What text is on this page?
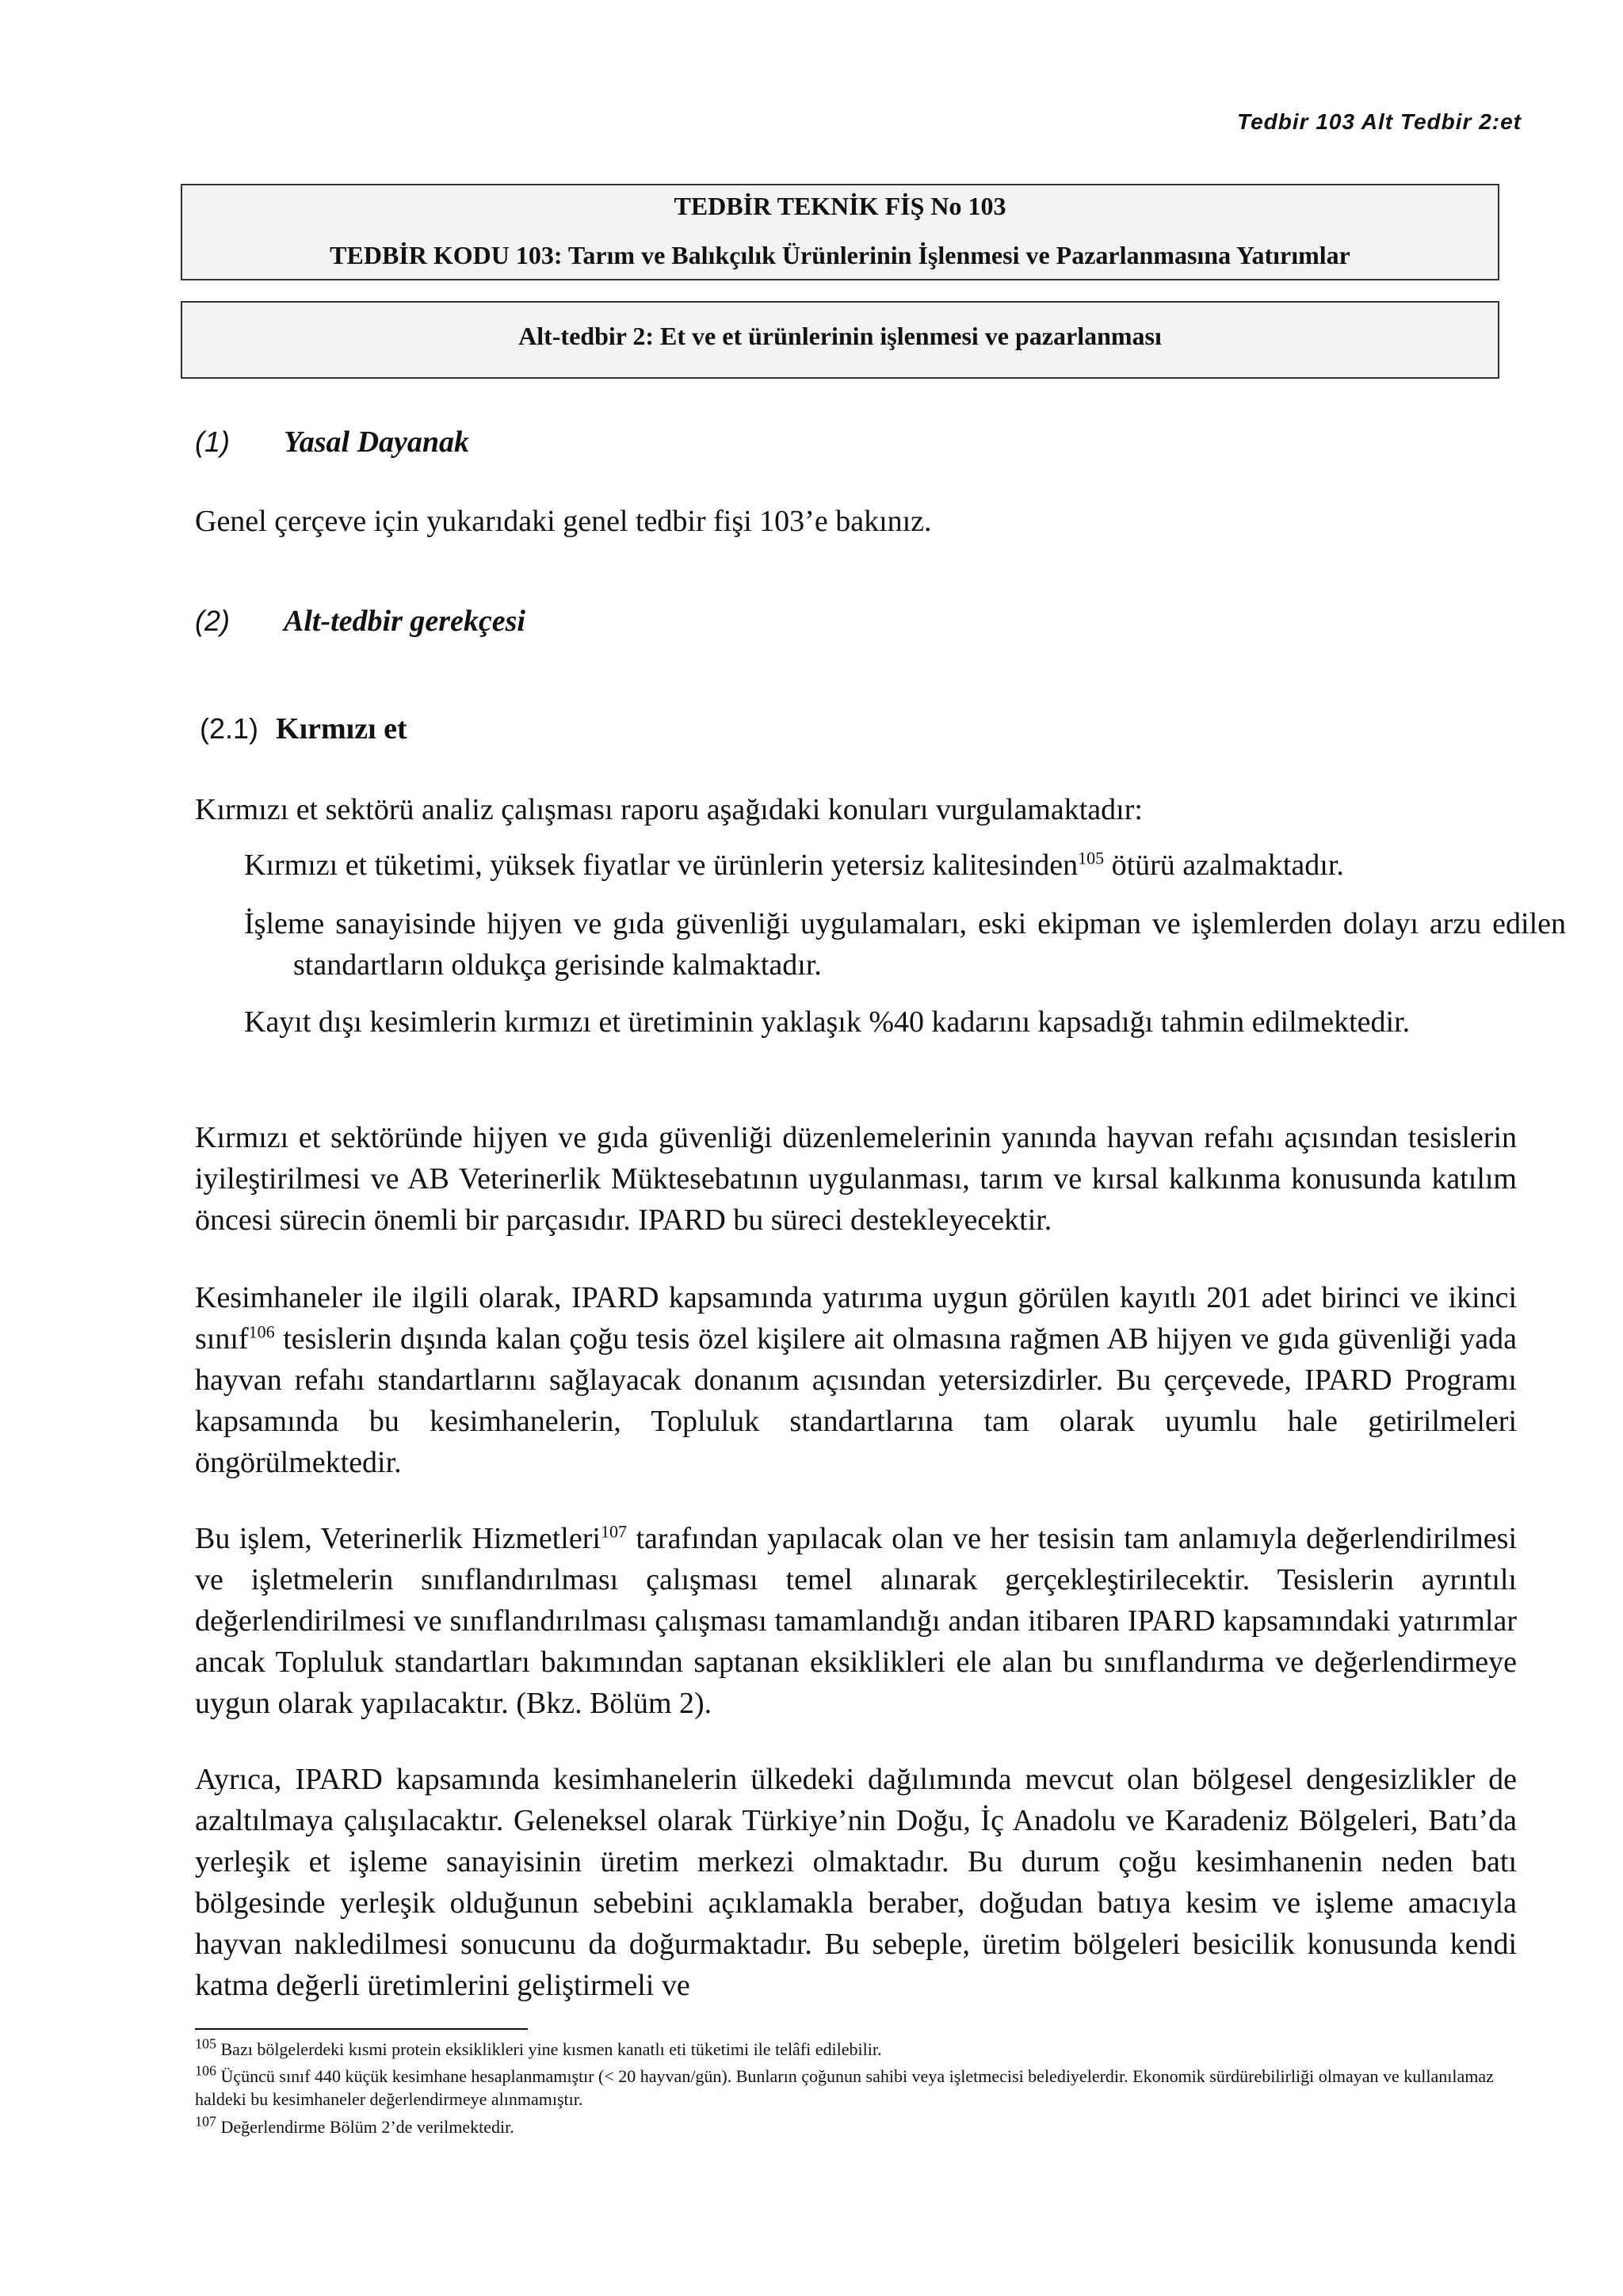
Tedbir 103 Alt Tedbir 2:et
TEDBİR TEKNİK FİŞ No 103
TEDBİR KODU 103: Tarım ve Balıkçılık Ürünlerinin İşlenmesi ve Pazarlanmasına Yatırımlar
Alt-tedbir 2: Et ve et ürünlerinin işlenmesi ve pazarlanması
(1) Yasal Dayanak

Genel çerçeve için yukarıdaki genel tedbir fişi 103’e bakınız.

(2) Alt-tedbir gerekçesi
(2.1) Kırmızı et

Kırmızı et sektörü analiz çalışması raporu aşağıdaki konuları vurgulamaktadır:

Kırmızı et tüketimi, yüksek fiyatlar ve ürünlerin yetersiz kalitesinden$^{105}$ ötürü azalmaktadır.

İşleme sanayisinde hijyen ve gıda güvenliği uygulamaları, eski ekipman ve işlemlerden dolayı arzu edilen standartların oldukça gerisinde kalmaktadır.

Kayıt dışı kesimlerin kırmızı et üretiminin yaklaşık %40 kadarını kapsadığı tahmin edilmektedir.

Kırmızı et sektöründe hijyen ve gıda güvenliği düzenlemelerinin yanında hayvan refahı açısından tesislerin iyileştirilmesi ve AB Veterinerlik Müktesebatının uygulanması, tarım ve kırsal kalkınma konusunda katılım öncesi sürecin önemli bir parçasıdır. IPARD bu süreci destekleyecektir.

Kesimhaneler ile ilgili olarak, IPARD kapsamında yatırıma uygun görülen kayıtlı 201 adet birinci ve ikinci sınıf$^{106}$ tesislerin dışında kalan çoğu tesis özel kişilere ait olmasına rağmen AB hijyen ve gıda güvenliği yada hayvan refahı standartlarını sağlayacak donanım açısından yetersizdirler. Bu çerçevede, IPARD Programı kapsamında bu kesimhanelerin, Topluluk standartlarına tam olarak uyumlu hale getirilmeleri öngörülmektedir.

Bu işlem, Veterinerlik Hizmetleri$^{107}$ tarafından yapılacak olan ve her tesisin tam anlamıyla değerlendirilmesi ve işletmelerin sınıflandırılması çalışması temel alınarak gerçekleştirilecektir. Tesislerin ayrıntılı değerlendirilmesi ve sınıflandırılması çalışması tamamlandığı andan itibaren IPARD kapsamındaki yatırımlar ancak Topluluk standartları bakımından saptanan eksiklikleri ele alan bu sınıflandırma ve değerlendirmeye uygun olarak yapılacaktır. (Bkz. Bölüm 2).

Ayrıca, IPARD kapsamında kesimhanelerin ülkedeki dağılımında mevcut olan bölgesel dengesizlikler de azaltılmaya çalışılacaktır. Geleneksel olarak Türkiye’nin Doğu, İç Anadolu ve Karadeniz Bölgeleri, Batı’da yerleşik et işleme sanayisinin üretim merkezi olmaktadır. Bu durum çoğu kesimhanenin neden batı bölgesinde yerleşik olduğunun sebebini açıklamakla beraber, doğudan batıya kesim ve işleme amacıyla hayvan nakledilmesi sonucunu da doğurmaktadır. Bu sebeple, üretim bölgeleri besicilik konusunda kendi katma değerli üretimlerini geliştirmeli ve

$^{105}$ Bazı bölgelerdeki kısmi protein eksiklikleri yine kısmen kanatlı eti tüketimi ile telâfi edilebilir.

$^{106}$ Üçüncü sınıf 440 küçük kesimhane hesaplanmamıştır (< 20 hayvan/gün). Bunların çoğunun sahibi veya işletmecisi belediyelerdir. Ekonomik sürdürebilirliği olmayan ve kullanılamaz haldeki bu kesimhaneler değerlendirmeye alınmamıştır.

$^{107}$ Değerlendirme Bölüm 2’de verilmektedir.
